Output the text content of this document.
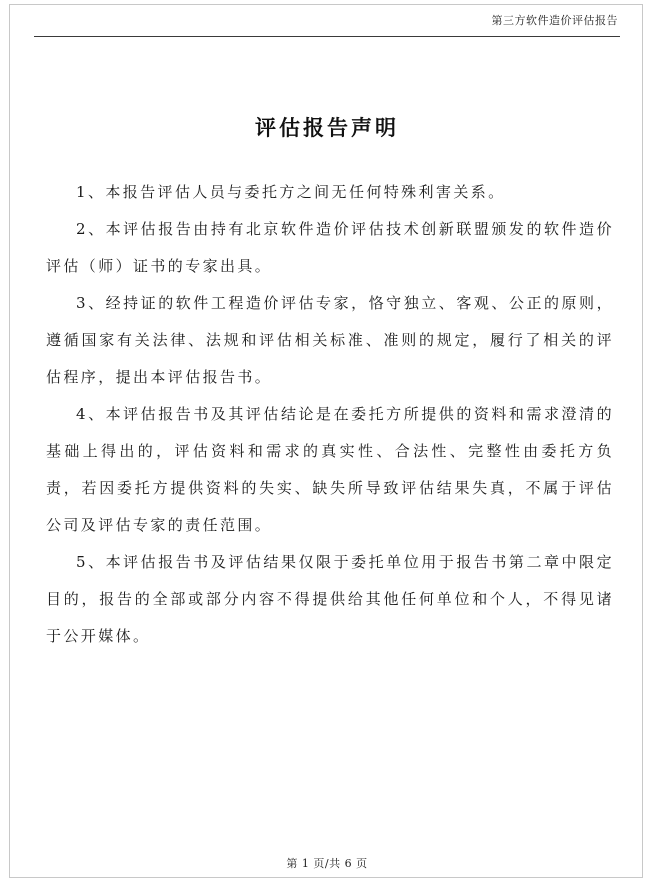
第三方软件造价评估报告
评估报告声明

1、本报告评估人员与委托方之间无任何特殊利害关系。

2、本评估报告由持有北京软件造价评估技术创新联盟颁发的软件造价评估（师）证书的专家出具。

3、经持证的软件工程造价评估专家，恪守独立、客观、公正的原则，遵循国家有关法律、法规和评估相关标准、准则的规定，履行了相关的评估程序，提出本评估报告书。

4、本评估报告书及其评估结论是在委托方所提供的资料和需求澄清的基础上得出的，评估资料和需求的真实性、合法性、完整性由委托方负责，若因委托方提供资料的失实、缺失所导致评估结果失真，不属于评估公司及评估专家的责任范围。

5、本评估报告书及评估结果仅限于委托单位用于报告书第二章中限定目的，报告的全部或部分内容不得提供给其他任何单位和个人，不得见诸于公开媒体。

第 1 页/共 6 页
